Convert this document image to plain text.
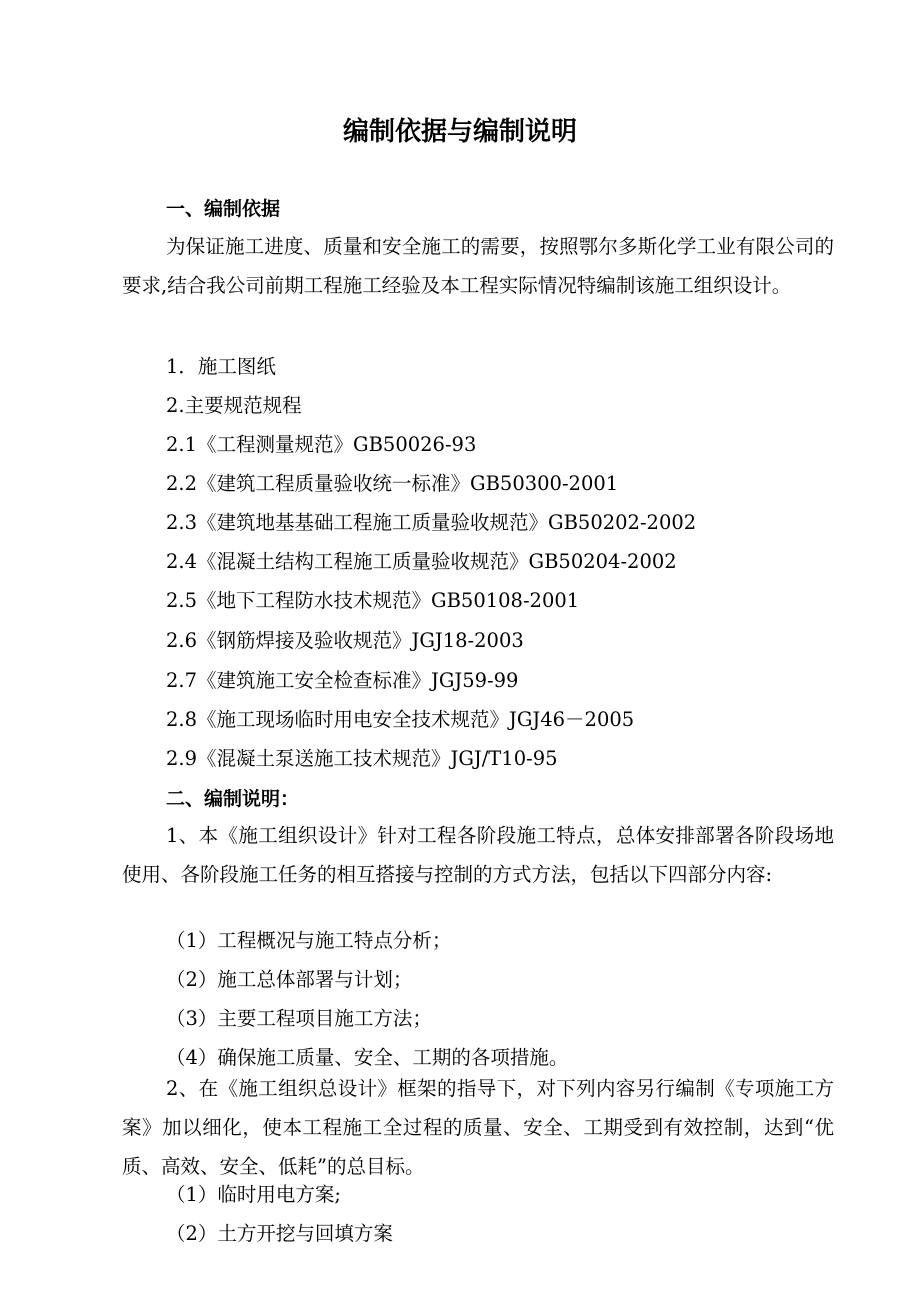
编制依据与编制说明
一、编制依据
为保证施工进度、质量和安全施工的需要，按照鄂尔多斯化学工业有限公司的要求,结合我公司前期工程施工经验及本工程实际情况特编制该施工组织设计。
1．施工图纸
2.主要规范规程
2.1《工程测量规范》GB50026-93
2.2《建筑工程质量验收统一标准》GB50300-2001
2.3《建筑地基基础工程施工质量验收规范》GB50202-2002
2.4《混凝土结构工程施工质量验收规范》GB50204-2002
2.5《地下工程防水技术规范》GB50108-2001
2.6《钢筋焊接及验收规范》JGJ18-2003
2.7《建筑施工安全检查标准》JGJ59-99
2.8《施工现场临时用电安全技术规范》JGJ46－2005
2.9《混凝土泵送施工技术规范》JGJ/T10-95
二、编制说明：
1、本《施工组织设计》针对工程各阶段施工特点，总体安排部署各阶段场地使用、各阶段施工任务的相互搭接与控制的方式方法，包括以下四部分内容:
（1）工程概况与施工特点分析；
（2）施工总体部署与计划；
（3）主要工程项目施工方法；
（4）确保施工质量、安全、工期的各项措施。
2、在《施工组织总设计》框架的指导下，对下列内容另行编制《专项施工方案》加以细化，使本工程施工全过程的质量、安全、工期受到有效控制，达到“优质、高效、安全、低耗”的总目标。
（1）临时用电方案;
（2）土方开挖与回填方案
